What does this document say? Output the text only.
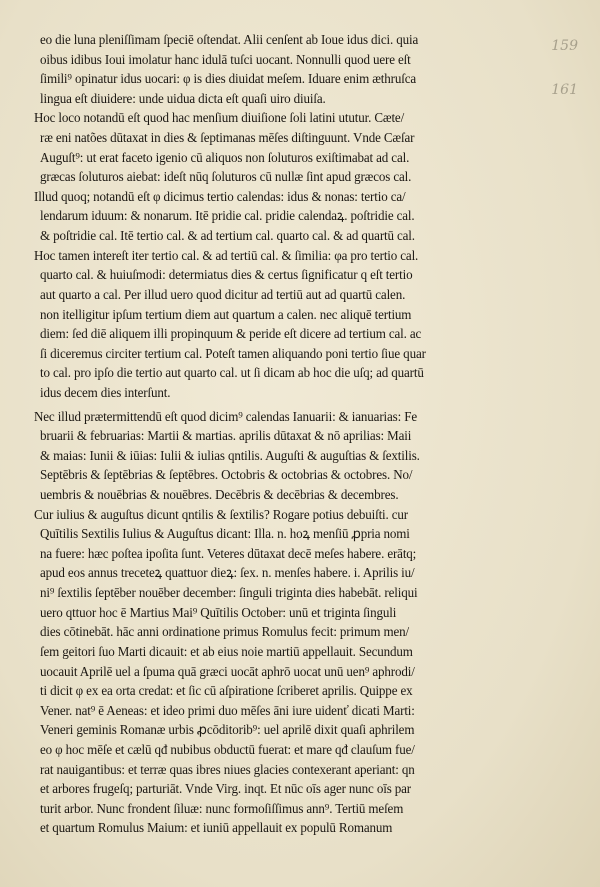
159
161
eo die luna pleniſſimam ſpeciē oſtendat. Alii cenſent ab Ioue idus dici. quia
oibus idibus Ioui imolatur hanc idulā tuſci uocant. Nonnulli quod uere eſt
ſimili⁹ opinatur idus uocari: φ is dies diuidat meſem. Iduare enim æthruſca
lingua eſt diuidere: unde uidua dicta eſt quaſi uiro diuiſa.
Hoc loco notandū eſt quod hac menſium diuiſione ſoli latini ututur. Cæte/
ræ eni natões dūtaxat in dies & ſeptimanas mēſes diſtinguunt. Vnde Cæſar
Auguſt⁹: ut erat faceto igenio cū aliquos non ſoluturos exiſtimabat ad cal.
græcas ſoluturos aiebat: ideſt nūq ſoluturos cū nullæ ſint apud græcos cal.
Illud quoq; notandū eſt φ dicimus tertio calendas: idus & nonas: tertio ca/
lendarum iduum: & nonarum. Itē pridie cal. pridie calendaꝝ. poſtridie cal.
& poſtridie cal. Itē tertio cal. & ad tertium cal. quarto cal. & ad quartū cal.
Hoc tamen intereſt iter tertio cal. & ad tertiū cal. & ſimilia: φa pro tertio cal.
quarto cal. & huiuſmodi: determiatus dies & certus ſignificatur q eſt tertio
aut quarto a cal. Per illud uero quod dicitur ad tertiū aut ad quartū calen.
non itelligitur ipſum tertium diem aut quartum a calen. nec aliquē tertium
diem: ſed diē aliquem illi propinquum & peride eſt dicere ad tertium cal. ac
ſi diceremus circiter tertium cal. Poteſt tamen aliquando poni tertio ſiue quar
to cal. pro ipſo die tertio aut quarto cal. ut ſi dicam ab hoc die uſq; ad quartū
idus decem dies interſunt.
Nec illud prætermittendū eſt quod dicim⁹ calendas Ianuarii: & ianuarias: Fe
bruarii & februarias: Martii & martias. aprilis dūtaxat & nō aprilias: Maii
& maias: Iunii & iūias: Iulii & iulias qntilis. Auguſti & auguſtias & ſextilis.
Septēbris & ſeptēbrias & ſeptēbres. Octobris & octobrias & octobres. No/
uembris & nouēbrias & nouēbres. Decēbris & decēbrias & decembres.
Cur iulius & auguſtus dicunt qntilis & ſextilis? Rogare potius debuiſti. cur
Quītilis Sextilis Iulius & Auguſtus dicant: Illa. n. hoꝝ menſiū ꝓpria nomi
na fuere: hæc poſtea ipoſita ſunt. Veteres dūtaxat decē meſes habere. erātq;
apud eos annus treceteꝝ quattuor dieꝝ: ſex. n. menſes habere. i. Aprilis iu/
ni⁹ ſextilis ſeptēber nouēber december: ſinguli triginta dies habebāt. reliqui
uero qttuor hoc ē Martius Mai⁹ Quītilis October: unū et triginta ſinguli
dies cōtinebāt. hāc anni ordinatione primus Romulus fecit: primum men/
ſem geitori ſuo Marti dicauit: et ab eius noie martiū appellauit. Secundum
uocauit Aprilē uel a ſpuma quā græci uocāt aphrō uocat unū uen⁹ aphrodi/
ti dicit φ ex ea orta credat: et ſic cū aſpiratione ſcriberet aprilis. Quippe ex
Vener. nat⁹ ē Aeneas: et ideo primi duo mēſes āni iure uidenť dicati Marti:
Veneri geminis Romanæ urbis ꝓcōditorib⁹: uel aprilē dixit quaſi aphrilem
eo φ hoc mēſe et cælū qđ nubibus obductū fuerat: et mare qđ clauſum fue/
rat nauigantibus: et terræ quas ibres niues glacies contexerant aperiant: qn
et arbores frugeſq; parturiāt. Vnde Virg. inqt. Et nūc oīs ager nunc oīs par
turit arbor. Nunc frondent ſiluæ: nunc formoſiſſimus ann⁹. Tertiū meſem
et quartum Romulus Maium: et iuniū appellauit ex populū Romanum
